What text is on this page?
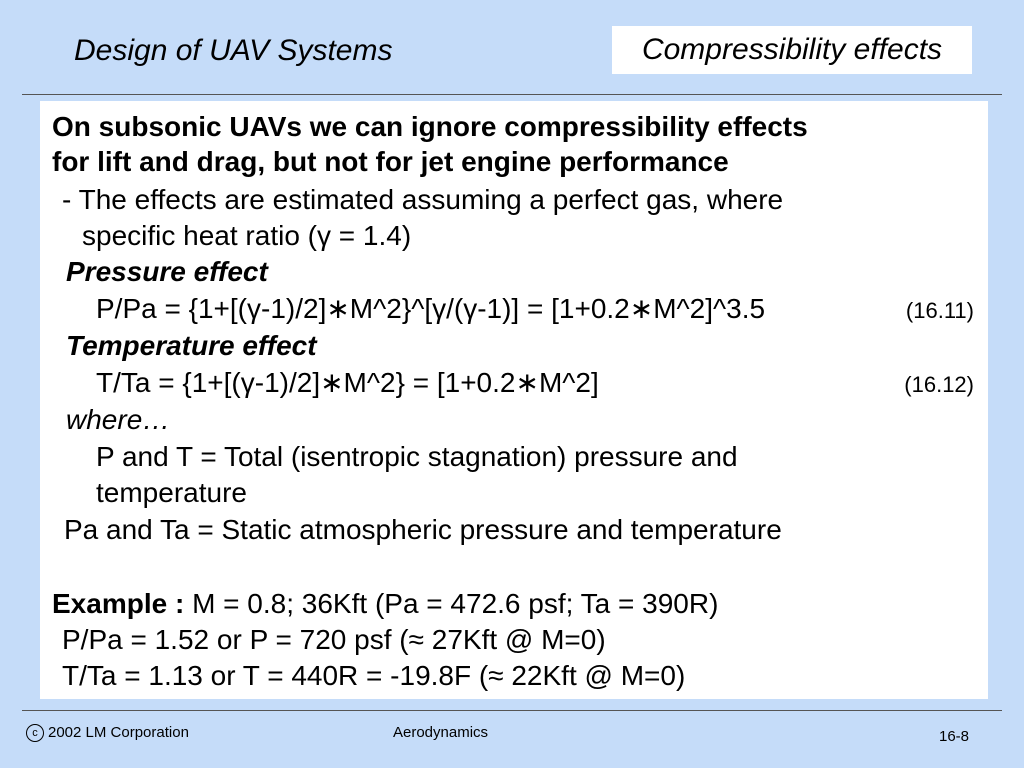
Design of UAV Systems	Compressibility effects
On subsonic UAVs we can ignore compressibility effects
for lift and drag, but not for jet engine performance
- The effects are estimated assuming a perfect gas, where
specific heat ratio (γ = 1.4)
Pressure effect
P/Pa = {1+[(γ-1)/2]∗M^2}^[γ/(γ-1)] = [1+0.2∗M^2]^3.5	(16.11)
Temperature effect
T/Ta = {1+[(γ-1)/2]∗M^2} = [1+0.2∗M^2]	(16.12)
where…
P and T = Total (isentropic stagnation) pressure and
temperature
Pa and Ta = Static atmospheric pressure and temperature
Example : M = 0.8; 36Kft (Pa = 472.6 psf; Ta = 390R)
P/Pa = 1.52 or P = 720 psf (≈ 27Kft @ M=0)
T/Ta = 1.13 or T = 440R = -19.8F (≈ 22Kft @ M=0)
c 2002 LM Corporation	Aerodynamics	16-8
